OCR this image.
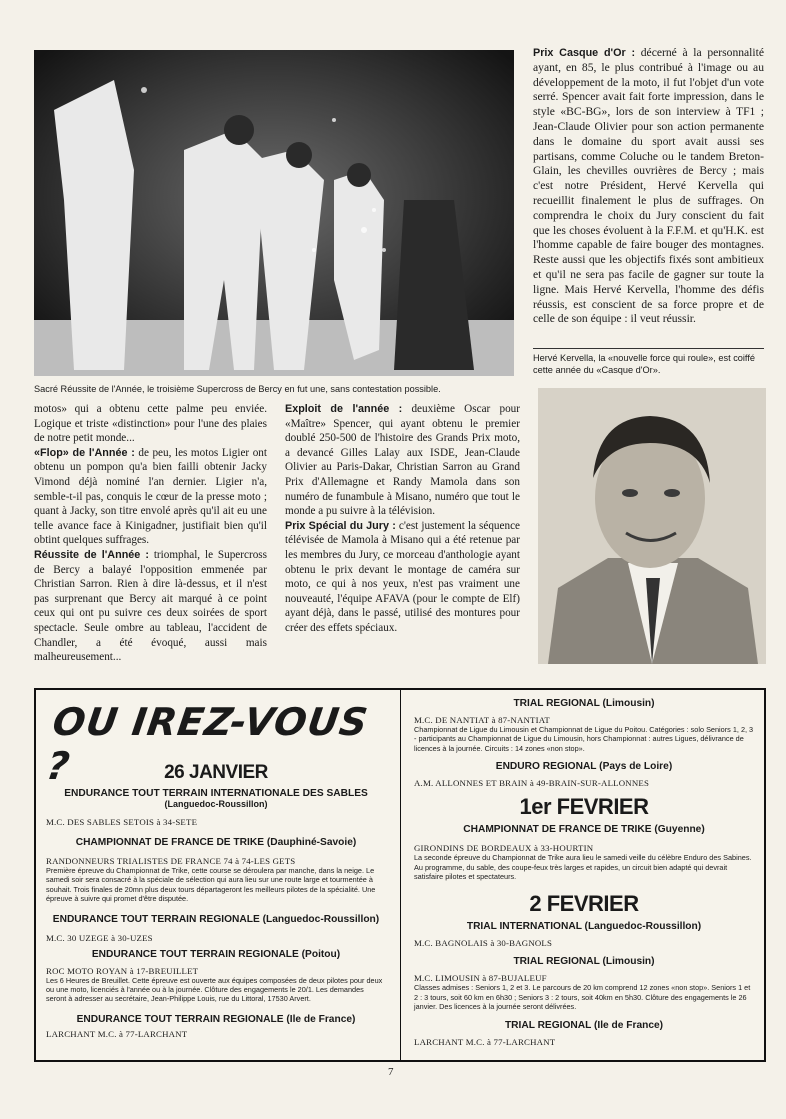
Sacré Réussite de l'Année, le troisième Supercross de Bercy en fut une, sans contestation possible.

Prix Casque d'Or : décerné à la personnalité ayant, en 85, le plus contribué à l'image ou au développement de la moto, il fut l'objet d'un vote serré. Spencer avait fait forte impression, dans le style «BC-BG», lors de son interview à TF1 ; Jean-Claude Olivier pour son action permanente dans le domaine du sport avait aussi ses partisans, comme Coluche ou le tandem Breton-Glain, les chevilles ouvrières de Bercy ; mais c'est notre Président, Hervé Kervella qui recueillit finalement le plus de suffrages. On comprendra le choix du Jury conscient du fait que les choses évoluent à la F.F.M. et qu'H.K. est l'homme capable de faire bouger des montagnes. Reste aussi que les objectifs fixés sont ambitieux et qu'il ne sera pas facile de gagner sur toute la ligne. Mais Hervé Kervella, l'homme des défis réussis, est conscient de sa force propre et de celle de son équipe : il veut réussir.

Hervé Kervella, la «nouvelle force qui roule», est coiffé cette année du «Casque d'Or».

motos» qui a obtenu cette palme peu enviée. Logique et triste «distinction» pour l'une des plaies de notre petit monde...

«Flop» de l'Année : de peu, les motos Ligier ont obtenu un pompon qu'a bien failli obtenir Jacky Vimond déjà nominé l'an dernier. Ligier n'a, semble-t-il pas, conquis le cœur de la presse moto ; quant à Jacky, son titre envolé après qu'il ait eu une telle avance face à Kinigadner, justifiait bien qu'il obtint quelques suffrages.

Réussite de l'Année : triomphal, le Supercross de Bercy a balayé l'opposition emmenée par Christian Sarron. Rien à dire là-dessus, et il n'est pas surprenant que Bercy ait marqué à ce point ceux qui ont pu suivre ces deux soirées de sport spectacle. Seule ombre au tableau, l'accident de Chandler, a été évoqué, aussi mais malheureusement...

Exploit de l'année : deuxième Oscar pour «Maître» Spencer, qui ayant obtenu le premier doublé 250-500 de l'histoire des Grands Prix moto, a devancé Gilles Lalay aux ISDE, Jean-Claude Olivier au Paris-Dakar, Christian Sarron au Grand Prix d'Allemagne et Randy Mamola dans son numéro de funambule à Misano, numéro que tout le monde a pu suivre à la télévision.

Prix Spécial du Jury : c'est justement la séquence télévisée de Mamola à Misano qui a été retenue par les membres du Jury, ce morceau d'anthologie ayant obtenu le prix devant le montage de caméra sur moto, ce qui à nos yeux, n'est pas vraiment une nouveauté, l'équipe AFAVA (pour le compte de Elf) ayant déjà, dans le passé, utilisé des montures pour créer des effets spéciaux.

OU IREZ-VOUS ?	26 JANVIER
ENDURANCE TOUT TERRAIN INTERNATIONALE DES SABLES
(Languedoc-Roussillon)
M.C. DES SABLES SETOIS à 34-SETE
CHAMPIONNAT DE FRANCE DE TRIKE (Dauphiné-Savoie)
RANDONNEURS TRIALISTES DE FRANCE 74 à 74-LES GETS
Première épreuve du Championnat de Trike, cette course se déroulera par manche, dans la neige. Le samedi soir sera consacré à la spéciale de sélection qui aura lieu sur une route large et tourmentée à souhait. Trois finales de 20mn plus deux tours départageront les meilleurs pilotes de la spécialité. Une épreuve à suivre qui promet d'être disputée.
ENDURANCE TOUT TERRAIN REGIONALE (Languedoc-Roussillon)
M.C. 30 UZEGE à 30-UZES
ENDURANCE TOUT TERRAIN REGIONALE (Poitou)
ROC MOTO ROYAN à 17-BREUILLET
Les 6 Heures de Breuillet. Cette épreuve est ouverte aux équipes composées de deux pilotes pour deux ou une moto, licenciés à l'année ou à la journée. Clôture des engagements le 20/1. Les demandes seront à adresser au secrétaire, Jean-Philippe Louis, rue du Littoral, 17530 Arvert.
ENDURANCE TOUT TERRAIN REGIONALE (Ile de France)
LARCHANT M.C. à 77-LARCHANT
TRIAL REGIONAL (Limousin)
M.C. DE NANTIAT à 87-NANTIAT
Championnat de Ligue du Limousin et Championnat de Ligue du Poitou. Catégories : solo Seniors 1, 2, 3 - participants au Championnat de Ligue du Limousin, hors Championnat : autres Ligues, délivrance de licences à la journée. Circuits : 14 zones «non stop».
ENDURO REGIONAL (Pays de Loire)
A.M. ALLONNES ET BRAIN à 49-BRAIN-SUR-ALLONNES
1er FEVRIER
CHAMPIONNAT DE FRANCE DE TRIKE (Guyenne)
GIRONDINS DE BORDEAUX à 33-HOURTIN
La seconde épreuve du Championnat de Trike aura lieu le samedi veille du célèbre Enduro des Sabines. Au programme, du sable, des coupe-feux très larges et rapides, un circuit bien adapté qui devrait satisfaire pilotes et spectateurs.
2 FEVRIER
TRIAL INTERNATIONAL (Languedoc-Roussillon)
M.C. BAGNOLAIS à 30-BAGNOLS
TRIAL REGIONAL (Limousin)
M.C. LIMOUSIN à 87-BUJALEUF
Classes admises : Seniors 1, 2 et 3. Le parcours de 20 km comprend 12 zones «non stop». Seniors 1 et 2 : 3 tours, soit 60 km en 6h30 ; Seniors 3 : 2 tours, soit 40km en 5h30. Clôture des engagements le 26 janvier. Des licences à la journée seront délivrées.
TRIAL REGIONAL (Ile de France)
LARCHANT M.C. à 77-LARCHANT
7
